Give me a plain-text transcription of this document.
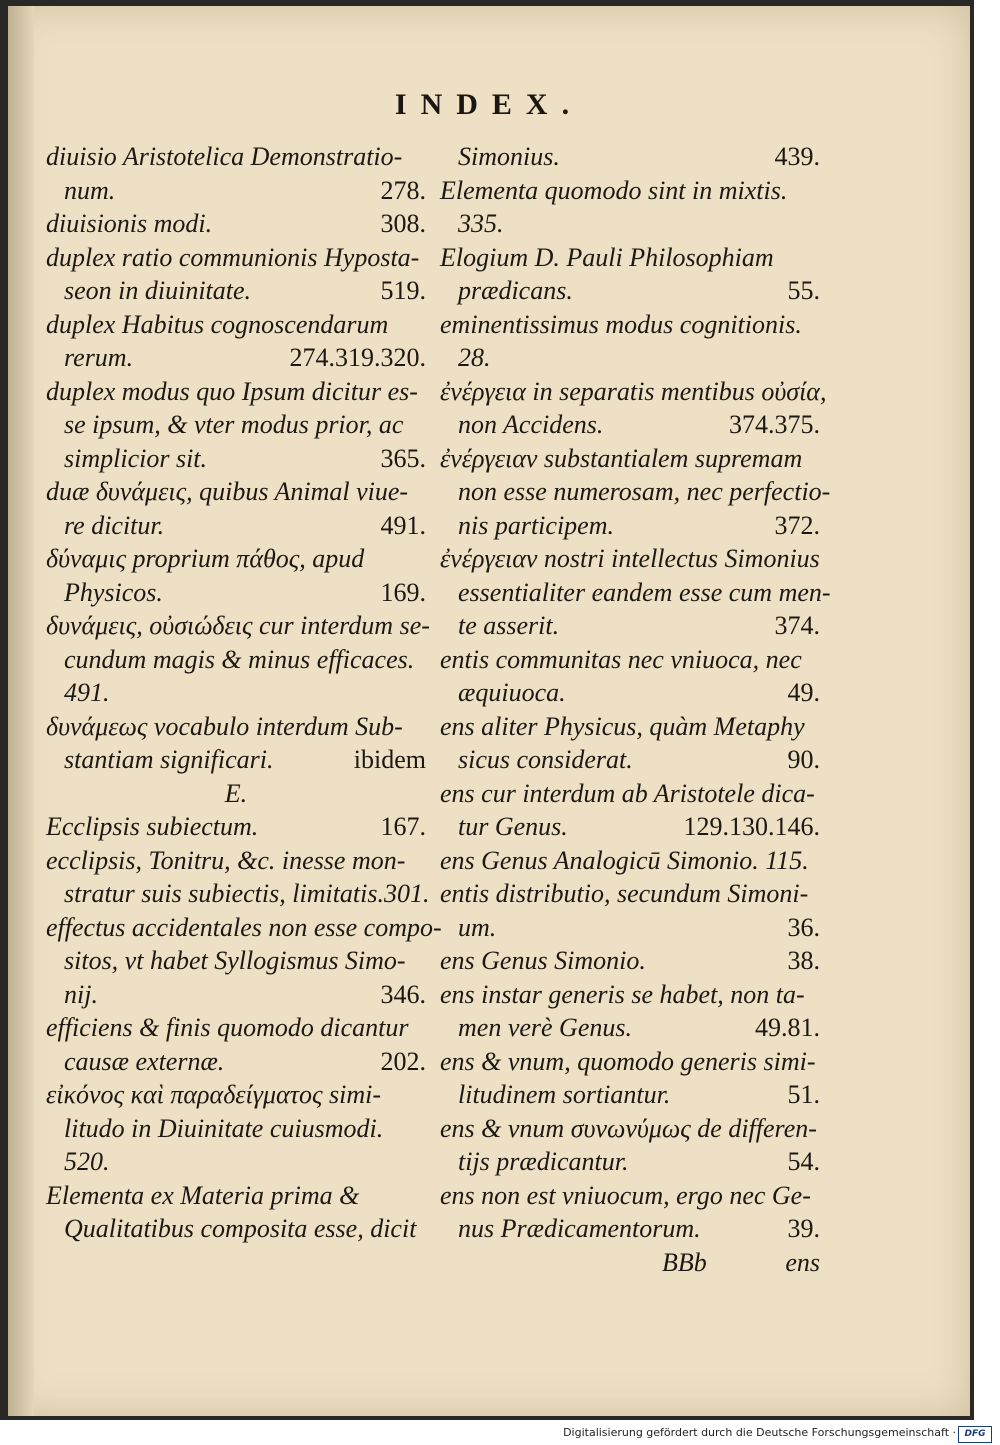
INDEX.
diuisio Aristotelica Demonstratio-
num.	278.
diuisionis modi.	308.
duplex ratio communionis Hyposta-
seon in diuinitate.	519.
duplex Habitus cognoscendarum
rerum.	274.319.320.
duplex modus quo Ipsum dicitur es-
se ipsum, & vter modus prior, ac
simplicior sit.	365.
duæ δυνάμεις, quibus Animal viue-
re dicitur.	491.
δύναμις proprium πάθος, apud
Physicos.	169.
δυνάμεις, οὐσιώδεις cur interdum se-
cundum magis & minus efficaces.
491.
δυνάμεως vocabulo interdum Sub-
stantiam significari.	ibidem
E.
Ecclipsis subiectum.	167.
ecclipsis, Tonitru, &c. inesse mon-
stratur suis subiectis, limitatis.301.
effectus accidentales non esse compo-
sitos, vt habet Syllogismus Simo-
nij.	346.
efficiens & finis quomodo dicantur
causæ externæ.	202.
εἰκόνος καὶ παραδείγματος simi-
litudo in Diuinitate cuiusmodi.
520.
Elementa ex Materia prima &
Qualitatibus composita esse, dicit
Simonius.	439.
Elementa quomodo sint in mixtis.
335.
Elogium D. Pauli Philosophiam
prædicans.	55.
eminentissimus modus cognitionis.
28.
ἐνέργεια in separatis mentibus οὐσία,
non Accidens.	374.375.
ἐνέργειαν substantialem supremam
non esse numerosam, nec perfectio-
nis participem.	372.
ἐνέργειαν nostri intellectus Simonius
essentialiter eandem esse cum men-
te asserit.	374.
entis communitas nec vniuoca, nec
æquiuoca.	49.
ens aliter Physicus, quàm Metaphy
sicus considerat.	90.
ens cur interdum ab Aristotele dica-
tur Genus.	129.130.146.
ens Genus Analogicū Simonio. 115.
entis distributio, secundum Simoni-
um.	36.
ens Genus Simonio.	38.
ens instar generis se habet, non ta-
men verè Genus.	49.81.
ens & vnum, quomodo generis simi-
litudinem sortiantur.	51.
ens & vnum συνωνύμως de differen-
tijs prædicantur.	54.
ens non est vniuocum, ergo nec Ge-
nus Prædicamentorum.	39.
BBb	ens
Digitalisierung gefördert durch die Deutsche Forschungsgemeinschaft · DFG
